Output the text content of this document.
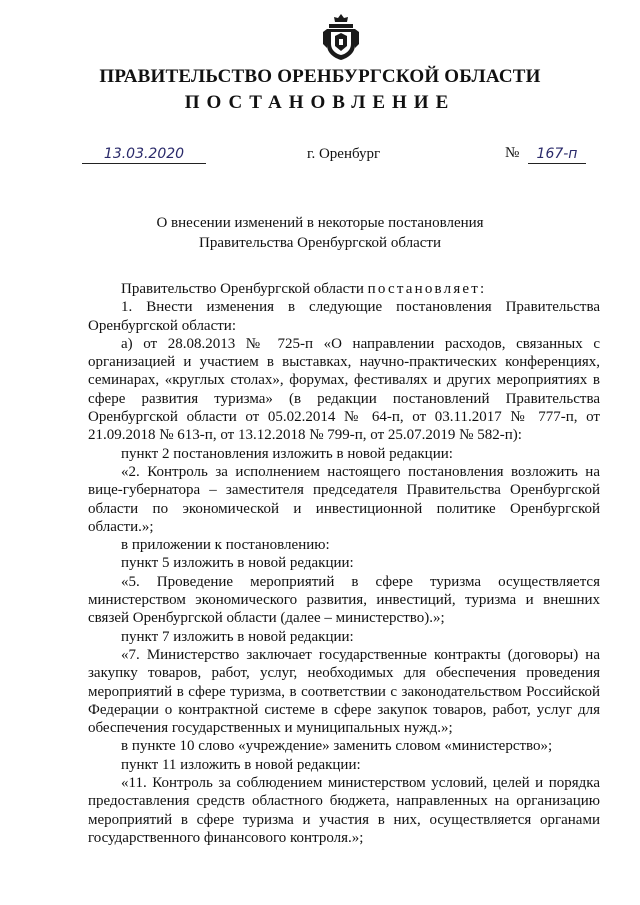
ПРАВИТЕЛЬСТВО ОРЕНБУРГСКОЙ ОБЛАСТИ
ПОСТАНОВЛЕНИЕ
13.03.2020	г. Оренбург	№	167-п
О внесении изменений в некоторые постановления
Правительства Оренбургской области

Правительство Оренбургской области постановляет:

1. Внести изменения в следующие постановления Правительства Оренбургской области:

а) от 28.08.2013 № 725-п «О направлении расходов, связанных с организацией и участием в выставках, научно-практических конференциях, семинарах, «круглых столах», форумах, фестивалях и других мероприятиях в сфере развития туризма» (в редакции постановлений Правительства Оренбургской области от 05.02.2014 № 64-п, от 03.11.2017 № 777-п, от 21.09.2018 № 613-п, от 13.12.2018 № 799-п, от 25.07.2019 № 582-п):

пункт 2 постановления изложить в новой редакции:

«2. Контроль за исполнением настоящего постановления возложить на вице-губернатора – заместителя председателя Правительства Оренбургской области по экономической и инвестиционной политике Оренбургской области.»;

в приложении к постановлению:

пункт 5 изложить в новой редакции:

«5. Проведение мероприятий в сфере туризма осуществляется министерством экономического развития, инвестиций, туризма и внешних связей Оренбургской области (далее – министерство).»;

пункт 7 изложить в новой редакции:

«7. Министерство заключает государственные контракты (договоры) на закупку товаров, работ, услуг, необходимых для обеспечения проведения мероприятий в сфере туризма, в соответствии с законодательством Российской Федерации о контрактной системе в сфере закупок товаров, работ, услуг для обеспечения государственных и муниципальных нужд.»;

в пункте 10 слово «учреждение» заменить словом «министерство»;

пункт 11 изложить в новой редакции:

«11. Контроль за соблюдением министерством условий, целей и порядка предоставления средств областного бюджета, направленных на организацию мероприятий в сфере туризма и участия в них, осуществляется органами государственного финансового контроля.»;
